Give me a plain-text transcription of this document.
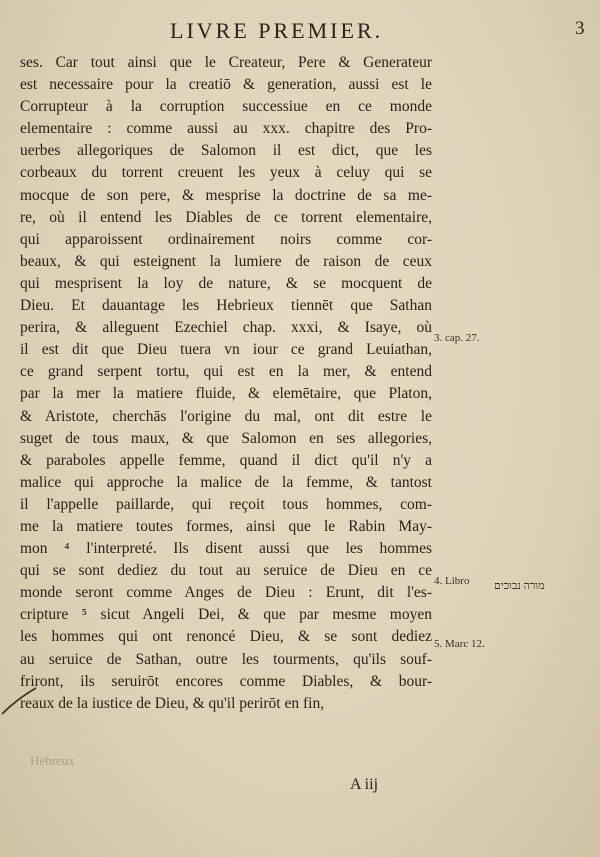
LIVRE PREMIER.	3
ses. Car tout ainsi que le Createur, Pere & Generateur
est necessaire pour la creatiō & generation, aussi est le
Corrupteur à la corruption successiue en ce monde
elementaire : comme aussi au xxx. chapitre des Pro-
uerbes allegoriques de Salomon il est dict, que les
corbeaux du torrent creuent les yeux à celuy qui se
mocque de son pere, & mesprise la doctrine de sa me-
re, où il entend les Diables de ce torrent elementaire,
qui apparoissent ordinairement noirs comme cor-
beaux, & qui esteignent la lumiere de raison de ceux
qui mesprisent la loy de nature, & se mocquent de
Dieu. Et dauantage les Hebrieux tiennēt que Sathan
perira, & alleguent Ezechiel chap. xxxi, & Isaye, où
il est dit que Dieu tuera vn iour ce grand Leuiathan,
ce grand serpent tortu, qui est en la mer, & entend
par la mer la matiere fluide, & elemētaire, que Platon,
& Aristote, cherchās l'origine du mal, ont dit estre le
suget de tous maux, & que Salomon en ses allegories,
& paraboles appelle femme, quand il dict qu'il n'y a
malice qui approche la malice de la femme, & tantost
il l'appelle paillarde, qui reçoit tous hommes, com-
me la matiere toutes formes, ainsi que le Rabin May-
mon ⁴ l'interpreté. Ils disent aussi que les hommes
qui se sont dediez du tout au seruice de Dieu en ce
monde seront comme Anges de Dieu : Erunt, dit l'es-
cripture ⁵ sicut Angeli Dei, & que par mesme moyen
les hommes qui ont renoncé Dieu, & se sont dediez
au seruice de Sathan, outre les tourments, qu'ils souf-
friront, ils seruirōt encores comme Diables, & bour-
reaux de la iustice de Dieu, & qu'il perirōt en fin,
3. cap. 27.
4. Libro מורה נבוכים
5. Marc 12.
Hebreux
A iij
